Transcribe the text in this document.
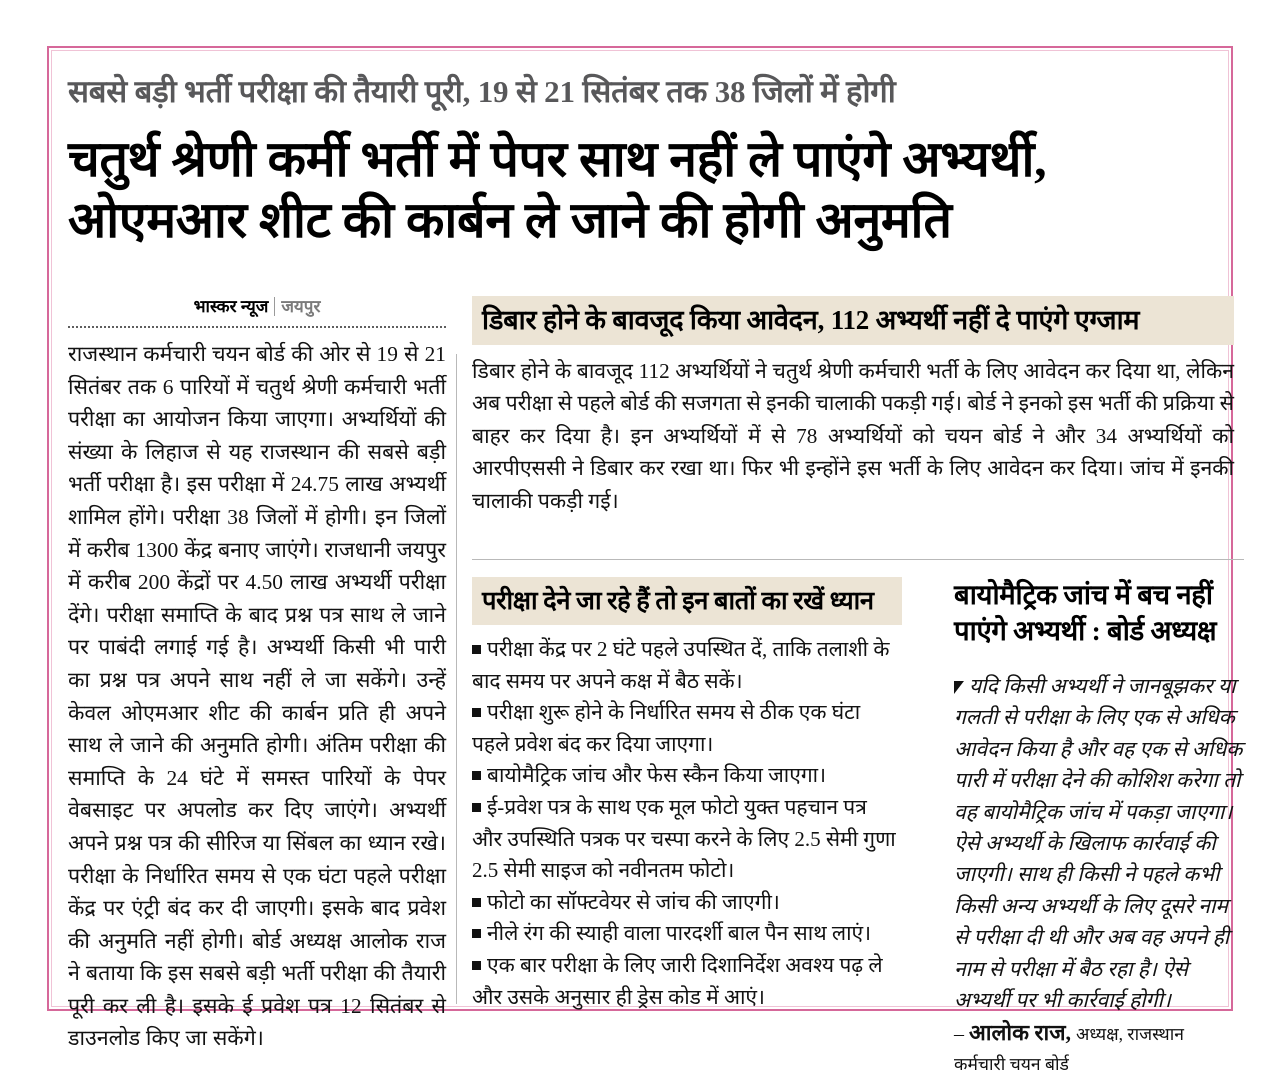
सबसे बड़ी भर्ती परीक्षा की तैयारी पूरी, 19 से 21 सितंबर तक 38 जिलों में होगी
चतुर्थ श्रेणी कर्मी भर्ती में पेपर साथ नहीं ले पाएंगे अभ्यर्थी,
ओएमआर शीट की कार्बन ले जाने की होगी अनुमति
भास्कर न्यूज जयपुर
राजस्थान कर्मचारी चयन बोर्ड की ओर से 19 से 21 सितंबर तक 6 पारियों में चतुर्थ श्रेणी कर्मचारी भर्ती परीक्षा का आयोजन किया जाएगा। अभ्यर्थियों की संख्या के लिहाज से यह राजस्थान की सबसे बड़ी भर्ती परीक्षा है। इस परीक्षा में 24.75 लाख अभ्यर्थी शामिल होंगे। परीक्षा 38 जिलों में होगी। इन जिलों में करीब 1300 केंद्र बनाए जाएंगे। राजधानी जयपुर में करीब 200 केंद्रों पर 4.50 लाख अभ्यर्थी परीक्षा देंगे। परीक्षा समाप्ति के बाद प्रश्न पत्र साथ ले जाने पर पाबंदी लगाई गई है। अभ्यर्थी किसी भी पारी का प्रश्न पत्र अपने साथ नहीं ले जा सकेंगे। उन्हें केवल ओएमआर शीट की कार्बन प्रति ही अपने साथ ले जाने की अनुमति होगी। अंतिम परीक्षा की समाप्ति के 24 घंटे में समस्त पारियों के पेपर वेबसाइट पर अपलोड कर दिए जाएंगे। अभ्यर्थी अपने प्रश्न पत्र की सीरिज या सिंबल का ध्यान रखे। परीक्षा के निर्धारित समय से एक घंटा पहले परीक्षा केंद्र पर एंट्री बंद कर दी जाएगी। इसके बाद प्रवेश की अनुमति नहीं होगी। बोर्ड अध्यक्ष आलोक राज ने बताया कि इस सबसे बड़ी भर्ती परीक्षा की तैयारी पूरी कर ली है। इसके ई प्रवेश पत्र 12 सितंबर से डाउनलोड किए जा सकेंगे।
डिबार होने के बावजूद किया आवेदन, 112 अभ्यर्थी नहीं दे पाएंगे एग्जाम
डिबार होने के बावजूद 112 अभ्यर्थियों ने चतुर्थ श्रेणी कर्मचारी भर्ती के लिए आवेदन कर दिया था, लेकिन अब परीक्षा से पहले बोर्ड की सजगता से इनकी चालाकी पकड़ी गई। बोर्ड ने इनको इस भर्ती की प्रक्रिया से बाहर कर दिया है। इन अभ्यर्थियों में से 78 अभ्यर्थियों को चयन बोर्ड ने और 34 अभ्यर्थियों को आरपीएससी ने डिबार कर रखा था। फिर भी इन्होंने इस भर्ती के लिए आवेदन कर दिया। जांच में इनकी चालाकी पकड़ी गई।
परीक्षा देने जा रहे हैं तो इन बातों का रखें ध्यान
परीक्षा केंद्र पर 2 घंटे पहले उपस्थित दें, ताकि तलाशी के बाद समय पर अपने कक्ष में बैठ सकें।
परीक्षा शुरू होने के निर्धारित समय से ठीक एक घंटा पहले प्रवेश बंद कर दिया जाएगा।
बायोमैट्रिक जांच और फेस स्कैन किया जाएगा।
ई-प्रवेश पत्र के साथ एक मूल फोटो युक्त पहचान पत्र और उपस्थिति पत्रक पर चस्पा करने के लिए 2.5 सेमी गुणा 2.5 सेमी साइज को नवीनतम फोटो।
फोटो का सॉफ्टवेयर से जांच की जाएगी।
नीले रंग की स्याही वाला पारदर्शी बाल पैन साथ लाएं।
एक बार परीक्षा के लिए जारी दिशानिर्देश अवश्य पढ़ ले और उसके अनुसार ही ड्रेस कोड में आएं।
बायोमैट्रिक जांच में बच नहीं
पाएंगे अभ्यर्थी : बोर्ड अध्यक्ष
यदि किसी अभ्यर्थी ने जानबूझकर या गलती से परीक्षा के लिए एक से अधिक आवेदन किया है और वह एक से अधिक पारी में परीक्षा देने की कोशिश करेगा तो वह बायोमैट्रिक जांच में पकड़ा जाएगा। ऐसे अभ्यर्थी के खिलाफ कार्रवाई की जाएगी। साथ ही किसी ने पहले कभी किसी अन्य अभ्यर्थी के लिए दूसरे नाम से परीक्षा दी थी और अब वह अपने ही नाम से परीक्षा में बैठ रहा है। ऐसे अभ्यर्थी पर भी कार्रवाई होगी।
– आलोक राज, अध्यक्ष, राजस्थान
कर्मचारी चयन बोर्ड
